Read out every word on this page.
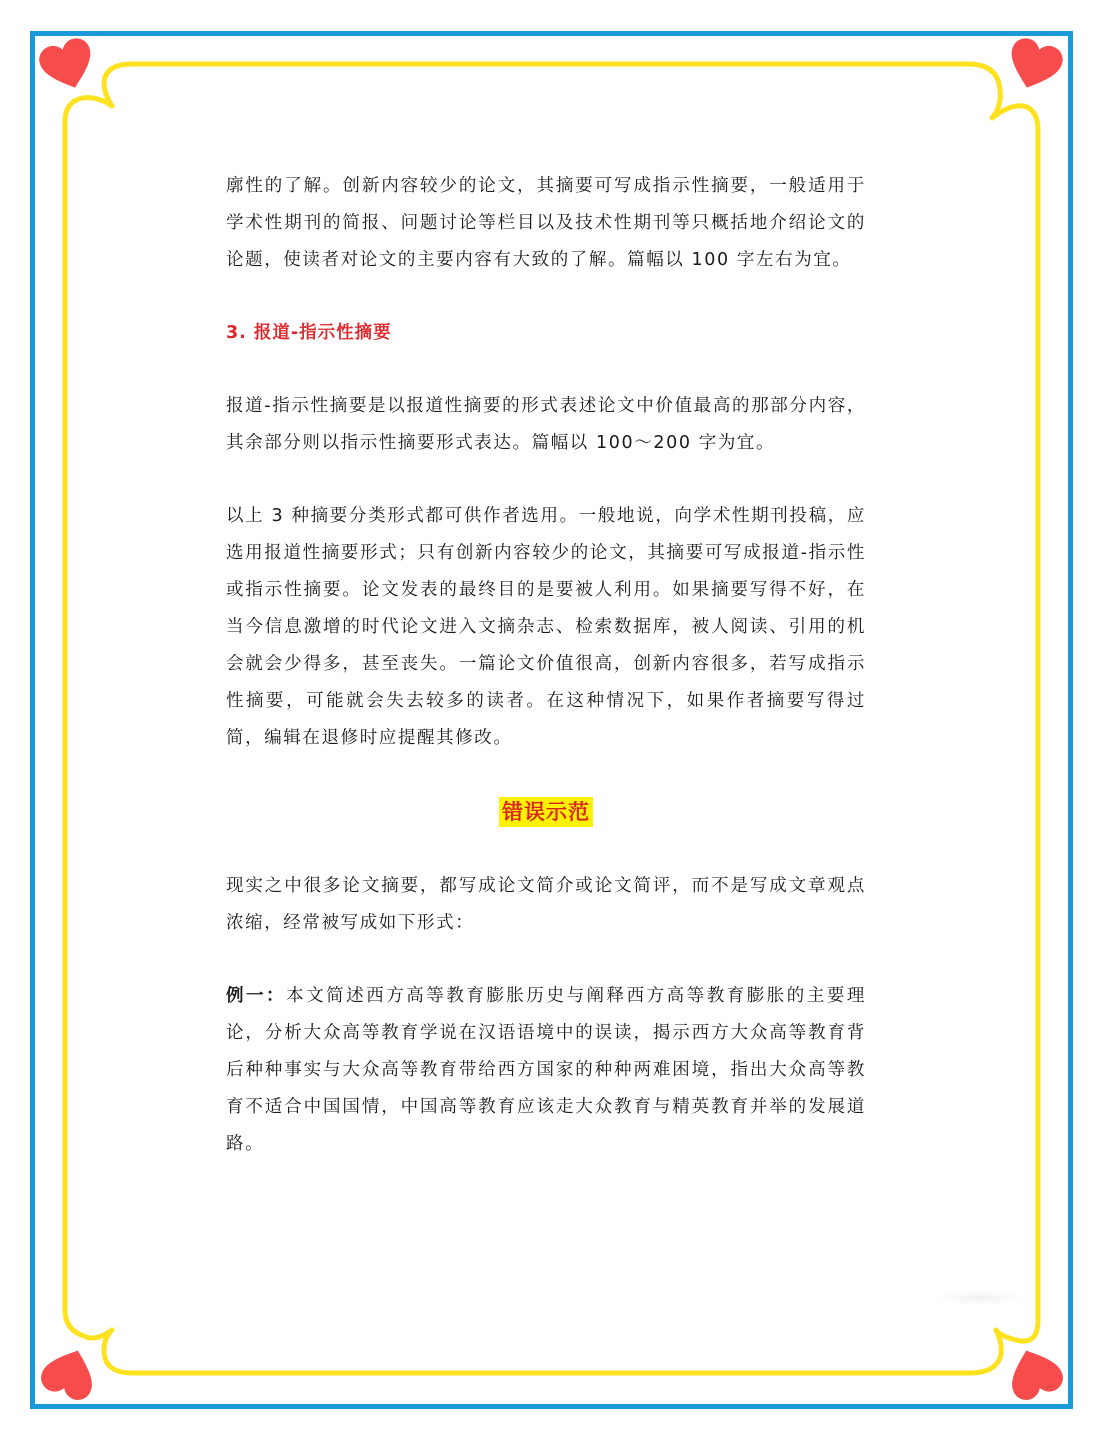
廓性的了解。创新内容较少的论文，其摘要可写成指示性摘要，一般适用于学术性期刊的简报、问题讨论等栏目以及技术性期刊等只概括地介绍论文的论题，使读者对论文的主要内容有大致的了解。篇幅以 100 字左右为宜。

3. 报道-指示性摘要

报道-指示性摘要是以报道性摘要的形式表述论文中价值最高的那部分内容，其余部分则以指示性摘要形式表达。篇幅以 100～200 字为宜。

以上 3 种摘要分类形式都可供作者选用。一般地说，向学术性期刊投稿，应选用报道性摘要形式；只有创新内容较少的论文，其摘要可写成报道-指示性或指示性摘要。论文发表的最终目的是要被人利用。如果摘要写得不好，在当今信息激增的时代论文进入文摘杂志、检索数据库，被人阅读、引用的机会就会少得多，甚至丧失。一篇论文价值很高，创新内容很多，若写成指示性摘要，可能就会失去较多的读者。在这种情况下，如果作者摘要写得过简，编辑在退修时应提醒其修改。

错误示范

现实之中很多论文摘要，都写成论文简介或论文简评，而不是写成文章观点浓缩，经常被写成如下形式：

例一：本文简述西方高等教育膨胀历史与阐释西方高等教育膨胀的主要理论，分析大众高等教育学说在汉语语境中的误读，揭示西方大众高等教育背后种种事实与大众高等教育带给西方国家的种种两难困境，指出大众高等教育不适合中国国情，中国高等教育应该走大众教育与精英教育并举的发展道路。
